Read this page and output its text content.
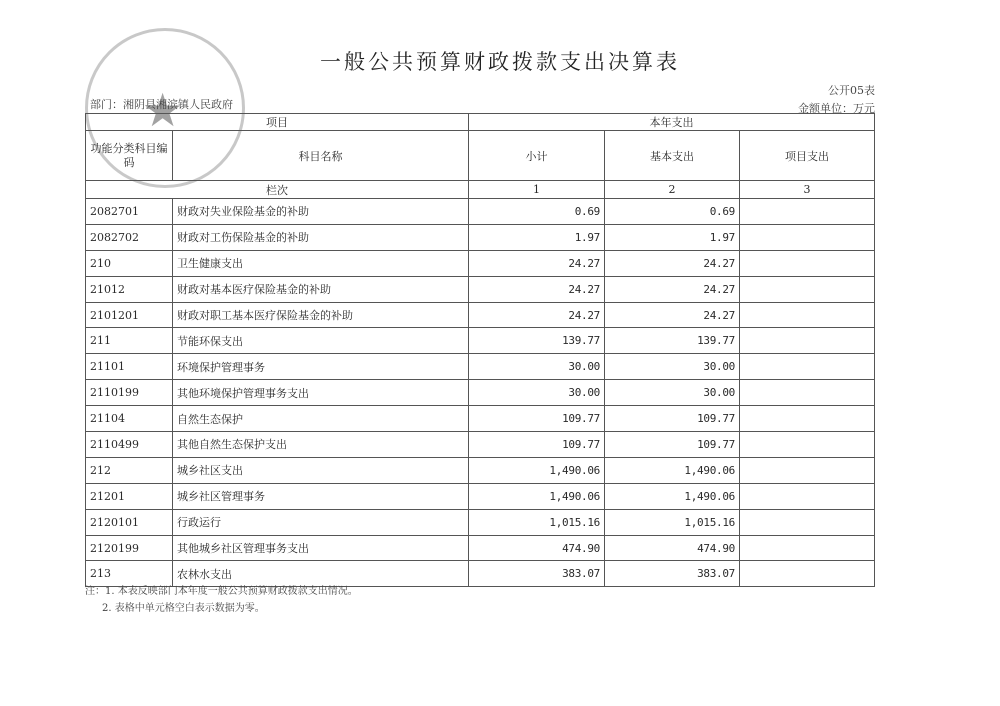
★
一般公共预算财政拨款支出决算表
公开05表
部门：湘阴县湘滨镇人民政府	金额单位：万元
项目		本年支出		
功能分类科目编码	科目名称	小计	基本支出	项目支出
栏次		1	2	3
2082701	财政对失业保险基金的补助	0.69	0.69	
2082702	财政对工伤保险基金的补助	1.97	1.97	
210	卫生健康支出	24.27	24.27	
21012	财政对基本医疗保险基金的补助	24.27	24.27	
2101201	财政对职工基本医疗保险基金的补助	24.27	24.27	
211	节能环保支出	139.77	139.77	
21101	环境保护管理事务	30.00	30.00	
2110199	其他环境保护管理事务支出	30.00	30.00	
21104	自然生态保护	109.77	109.77	
2110499	其他自然生态保护支出	109.77	109.77	
212	城乡社区支出	1,490.06	1,490.06	
21201	城乡社区管理事务	1,490.06	1,490.06	
2120101	行政运行	1,015.16	1,015.16	
2120199	其他城乡社区管理事务支出	474.90	474.90	
213	农林水支出	383.07	383.07	
注：1. 本表反映部门本年度一般公共预算财政拨款支出情况。
2. 表格中单元格空白表示数据为零。
